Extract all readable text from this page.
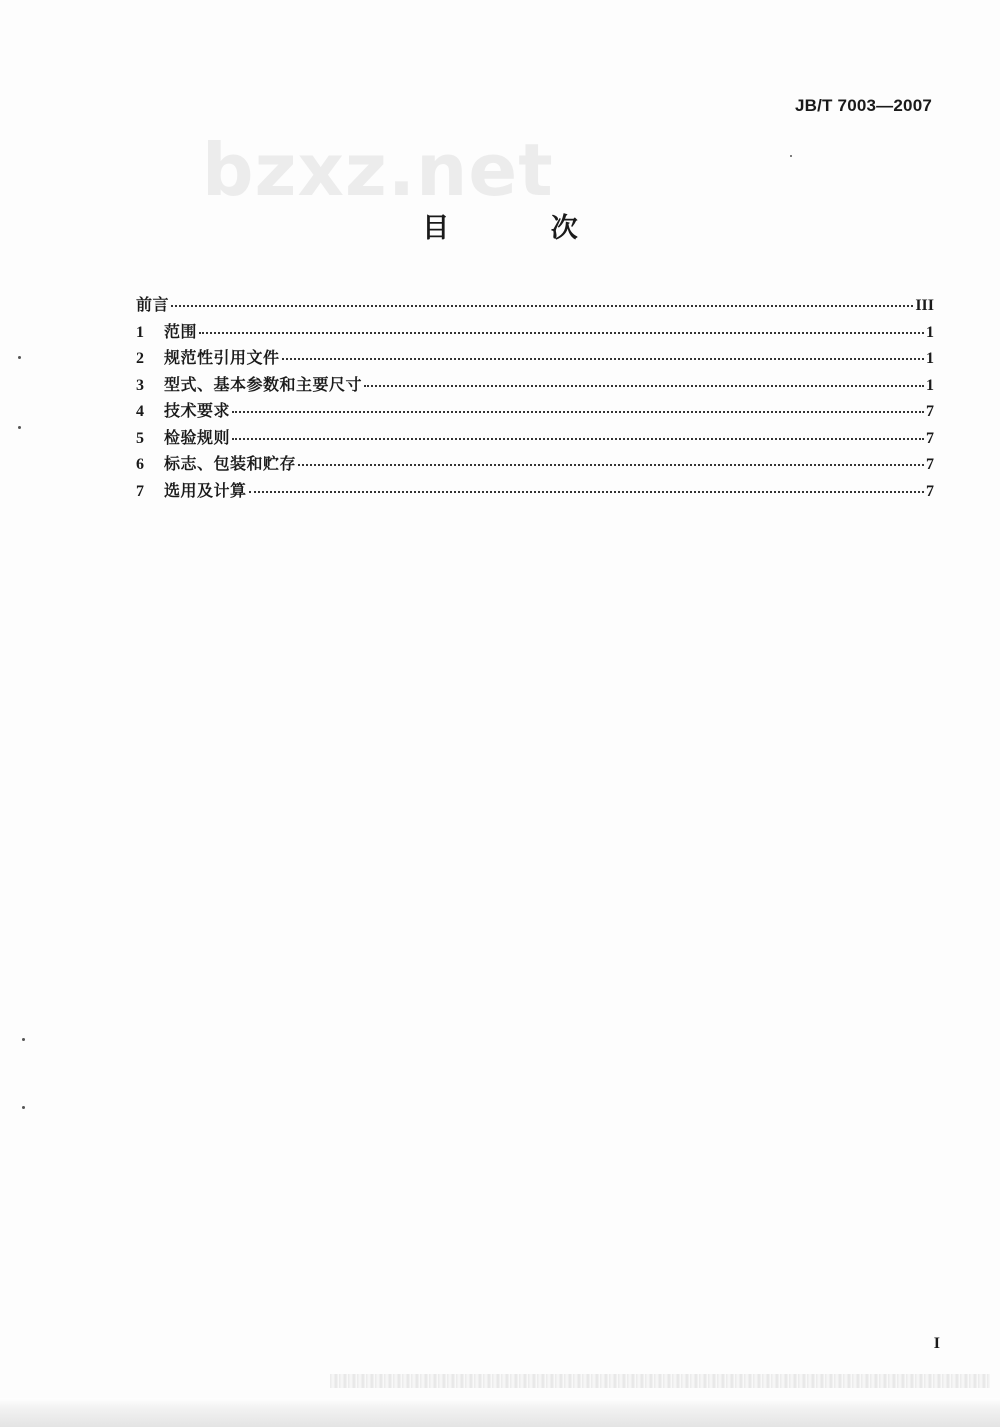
JB/T 7003—2007
bzxz.net
目 次
前言	III
1	范围	1
2	规范性引用文件	1
3	型式、基本参数和主要尺寸	1
4	技术要求	7
5	检验规则	7
6	标志、包装和贮存	7
7	选用及计算	7
I
